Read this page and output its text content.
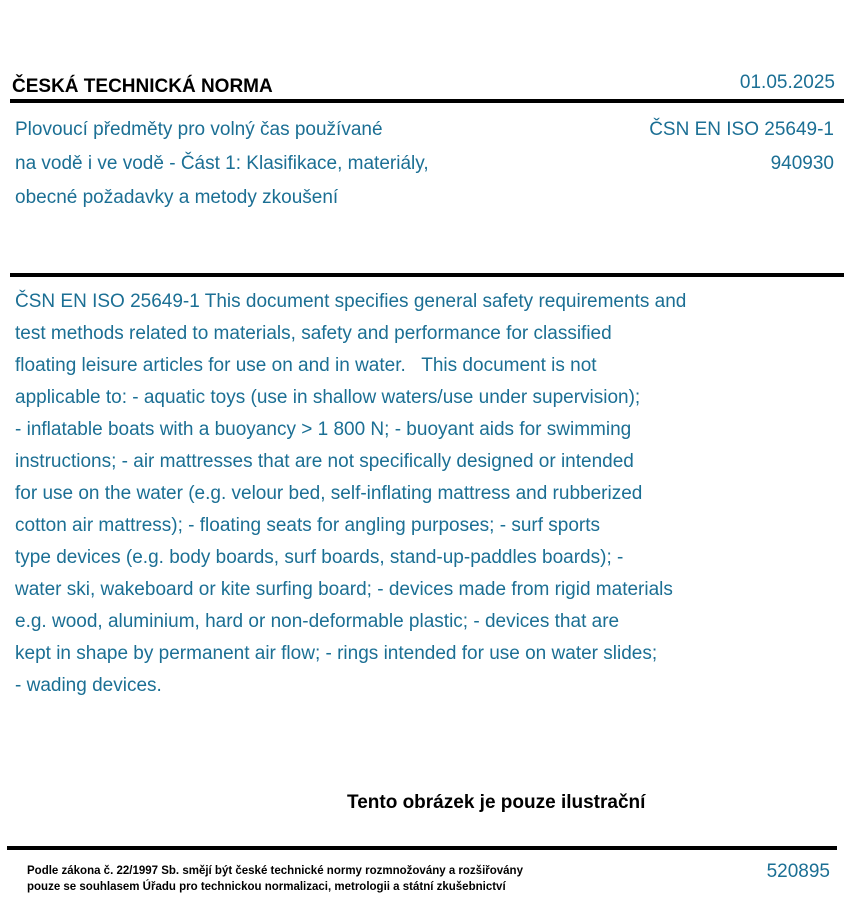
ČESKÁ TECHNICKÁ NORMA	01.05.2025
Plovoucí předměty pro volný čas používané
na vodě i ve vodě - Část 1: Klasifikace, materiály,
obecné požadavky a metody zkoušení
ČSN EN ISO 25649-1
940930
ČSN EN ISO 25649-1 This document specifies general safety requirements and
test methods related to materials, safety and performance for classified
floating leisure articles for use on and in water.   This document is not
applicable to: - aquatic toys (use in shallow waters/use under supervision);
- inflatable boats with a buoyancy > 1 800 N; - buoyant aids for swimming
instructions; - air mattresses that are not specifically designed or intended
for use on the water (e.g. velour bed, self-inflating mattress and rubberized
cotton air mattress); - floating seats for angling purposes; - surf sports
type devices (e.g. body boards, surf boards, stand-up-paddles boards); -
water ski, wakeboard or kite surfing board; - devices made from rigid materials
e.g. wood, aluminium, hard or non-deformable plastic; - devices that are
kept in shape by permanent air flow; - rings intended for use on water slides;
- wading devices.
Tento obrázek je pouze ilustrační
Podle zákona č. 22/1997 Sb. smějí být české technické normy rozmnožovány a rozšiřovány
pouze se souhlasem Úřadu pro technickou normalizaci, metrologii a státní zkušebnictví
520895
